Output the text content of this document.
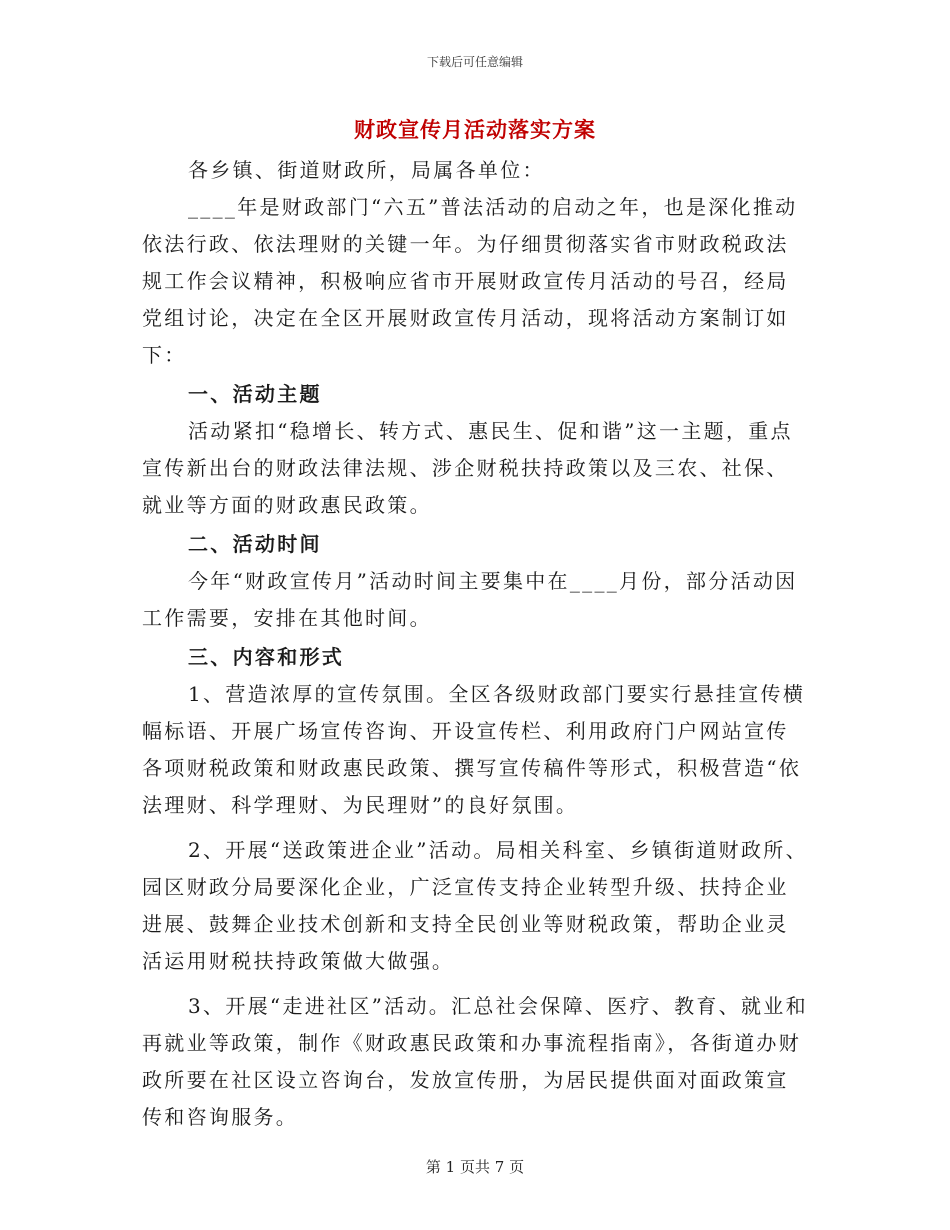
下载后可任意编辑
财政宣传月活动落实方案

各乡镇、街道财政所，局属各单位：

____年是财政部门“六五”普法活动的启动之年，也是深化推动依法行政、依法理财的关键一年。为仔细贯彻落实省市财政税政法规工作会议精神，积极响应省市开展财政宣传月活动的号召，经局党组讨论，决定在全区开展财政宣传月活动，现将活动方案制订如下：

一、活动主题

活动紧扣“稳增长、转方式、惠民生、促和谐”这一主题，重点宣传新出台的财政法律法规、涉企财税扶持政策以及三农、社保、就业等方面的财政惠民政策。

二、活动时间

今年“财政宣传月”活动时间主要集中在____月份，部分活动因工作需要，安排在其他时间。

三、内容和形式

1、营造浓厚的宣传氛围。全区各级财政部门要实行悬挂宣传横幅标语、开展广场宣传咨询、开设宣传栏、利用政府门户网站宣传各项财税政策和财政惠民政策、撰写宣传稿件等形式，积极营造“依法理财、科学理财、为民理财”的良好氛围。

2、开展“送政策进企业”活动。局相关科室、乡镇街道财政所、园区财政分局要深化企业，广泛宣传支持企业转型升级、扶持企业进展、鼓舞企业技术创新和支持全民创业等财税政策，帮助企业灵活运用财税扶持政策做大做强。

3、开展“走进社区”活动。汇总社会保障、医疗、教育、就业和再就业等政策，制作《财政惠民政策和办事流程指南》，各街道办财政所要在社区设立咨询台，发放宣传册，为居民提供面对面政策宣传和咨询服务。

第 1 页共 7 页
